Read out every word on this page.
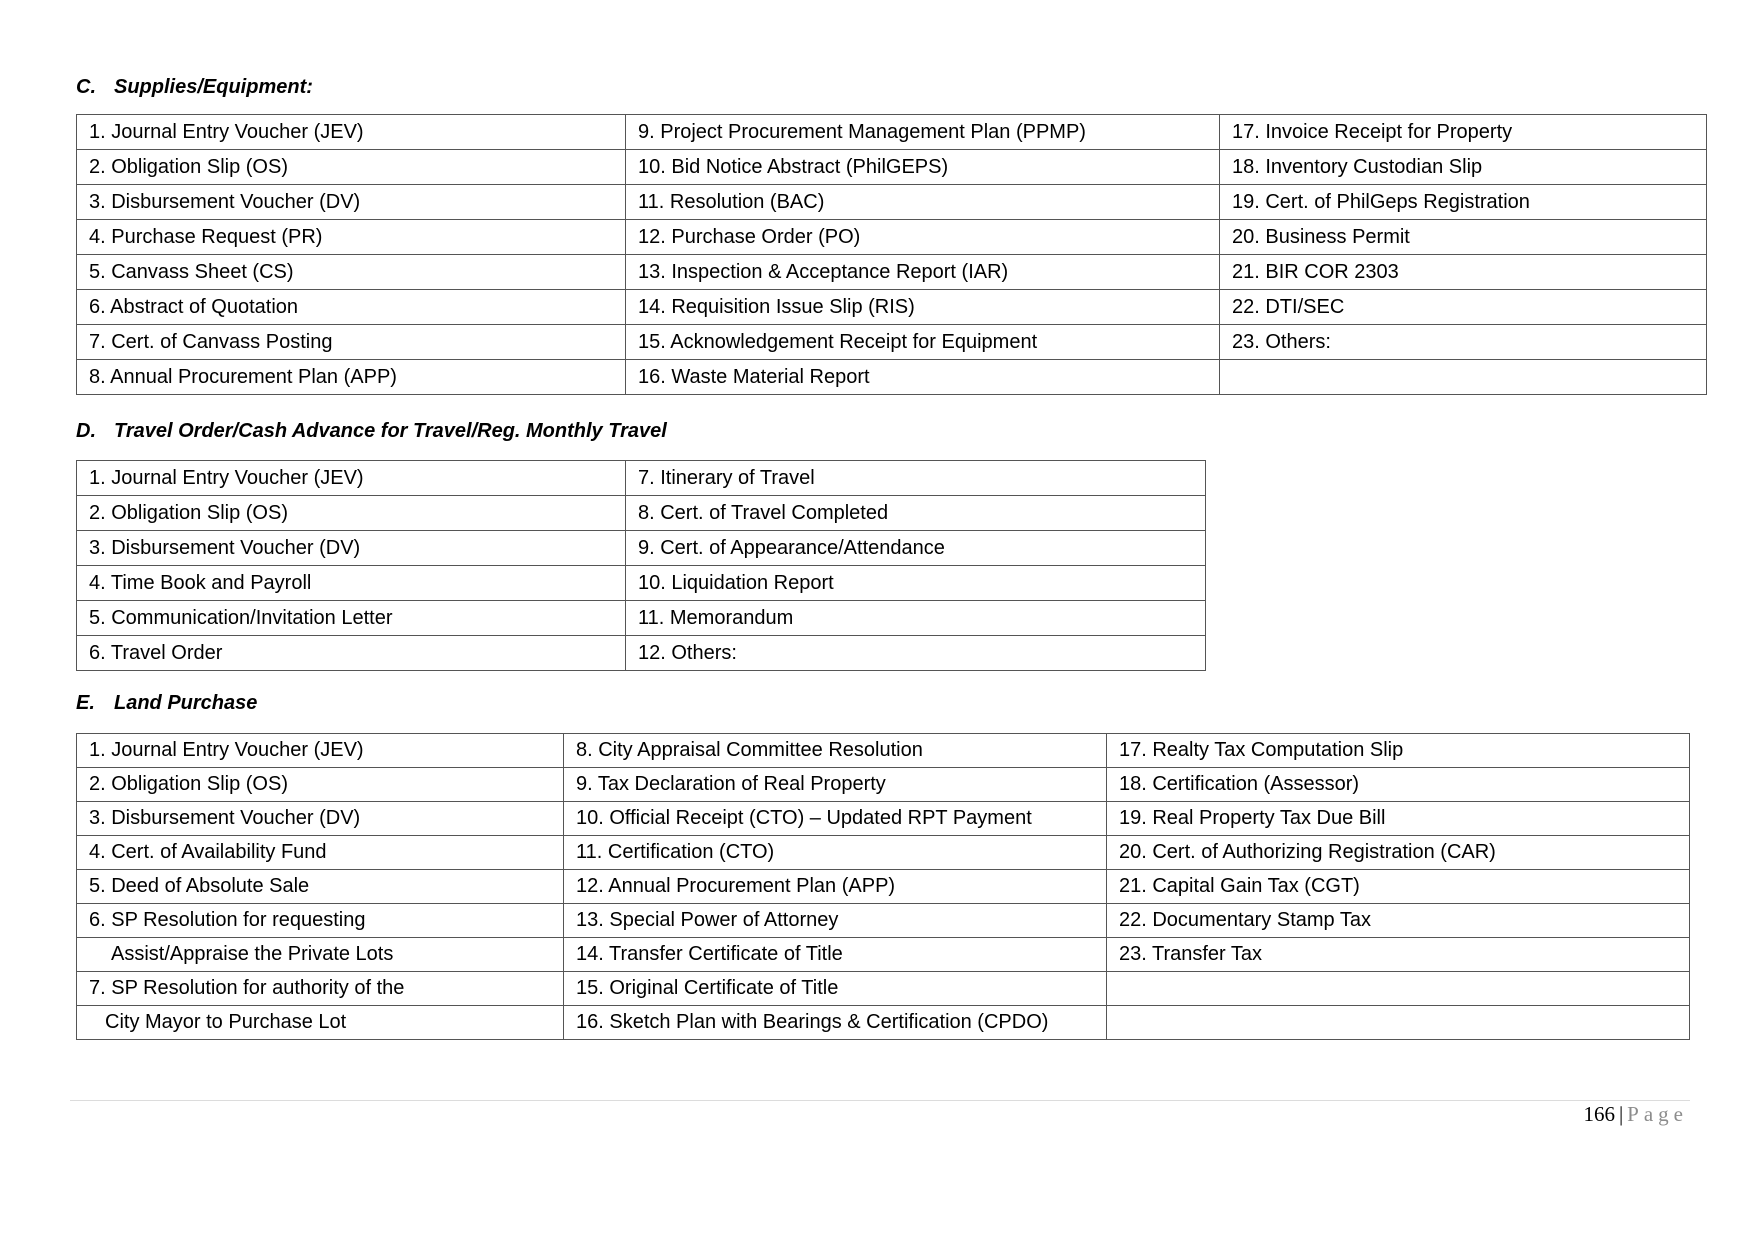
C. Supplies/Equipment:
1. Journal Entry Voucher (JEV)	9. Project Procurement Management Plan (PPMP)	17. Invoice Receipt for Property
2. Obligation Slip (OS)	10. Bid Notice Abstract (PhilGEPS)	18. Inventory Custodian Slip
3. Disbursement Voucher (DV)	11. Resolution (BAC)	19. Cert. of PhilGeps Registration
4. Purchase Request (PR)	12. Purchase Order (PO)	20. Business Permit
5. Canvass Sheet (CS)	13. Inspection & Acceptance Report (IAR)	21. BIR COR 2303
6. Abstract of Quotation	14. Requisition Issue Slip (RIS)	22. DTI/SEC
7. Cert. of Canvass Posting	15. Acknowledgement Receipt for Equipment	23. Others:
8. Annual Procurement Plan (APP)	16. Waste Material Report	
D. Travel Order/Cash Advance for Travel/Reg. Monthly Travel
1. Journal Entry Voucher (JEV)	7. Itinerary of Travel
2. Obligation Slip (OS)	8. Cert. of Travel Completed
3. Disbursement Voucher (DV)	9. Cert. of Appearance/Attendance
4. Time Book and Payroll	10. Liquidation Report
5. Communication/Invitation Letter	11. Memorandum
6. Travel Order	12. Others:
E. Land Purchase
1. Journal Entry Voucher (JEV)	8. City Appraisal Committee Resolution	17. Realty Tax Computation Slip
2. Obligation Slip (OS)	9. Tax Declaration of Real Property	18. Certification (Assessor)
3. Disbursement Voucher (DV)	10. Official Receipt (CTO) – Updated RPT Payment	19. Real Property Tax Due Bill
4. Cert. of Availability Fund	11. Certification (CTO)	20. Cert. of Authorizing Registration (CAR)
5. Deed of Absolute Sale	12. Annual Procurement Plan (APP)	21. Capital Gain Tax (CGT)
6. SP Resolution for requesting	13. Special Power of Attorney	22. Documentary Stamp Tax
Assist/Appraise the Private Lots	14. Transfer Certificate of Title	23. Transfer Tax
7. SP Resolution for authority of the	15. Original Certificate of Title	
City Mayor to Purchase Lot	16. Sketch Plan with Bearings & Certification (CPDO)	
166 | Page
